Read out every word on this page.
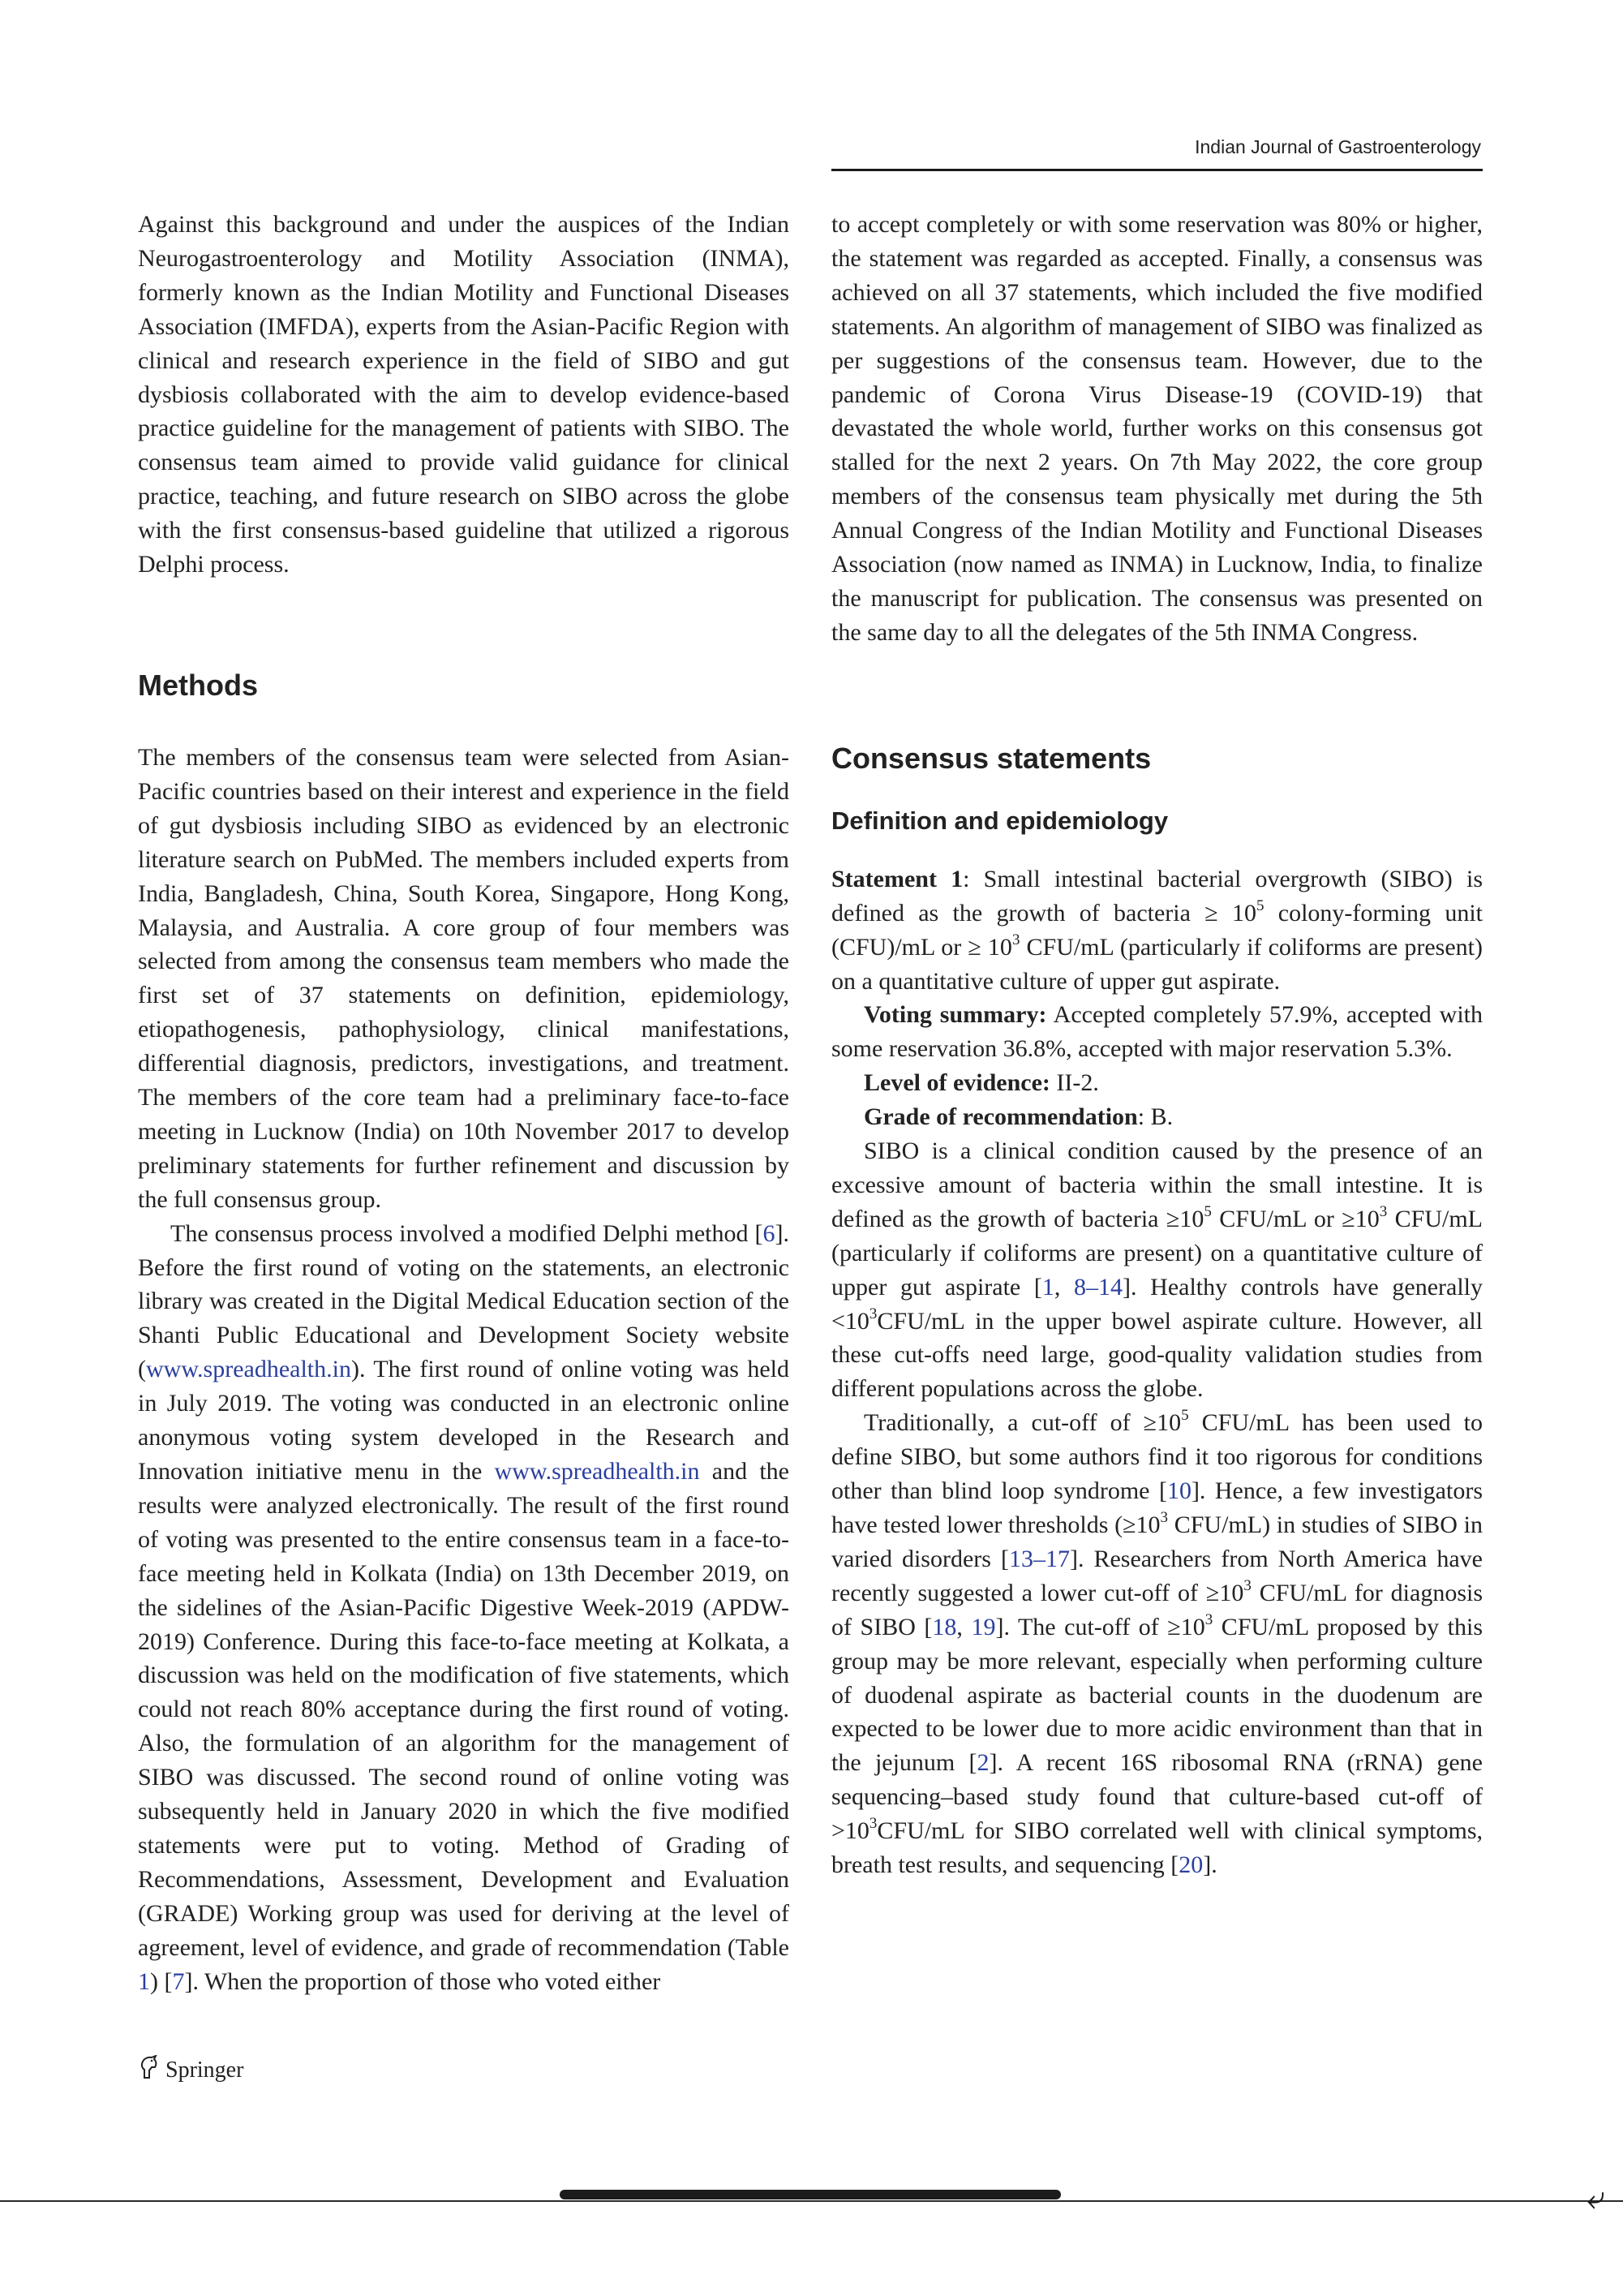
Indian Journal of Gastroenterology

Against this background and under the auspices of the Indian Neurogastroenterology and Motility Association (INMA), formerly known as the Indian Motility and Functional Diseases Association (IMFDA), experts from the Asian-Pacific Region with clinical and research experience in the field of SIBO and gut dysbiosis collaborated with the aim to develop evidence-based practice guideline for the management of patients with SIBO. The consensus team aimed to provide valid guidance for clinical practice, teaching, and future research on SIBO across the globe with the first consensus-based guideline that utilized a rigorous Delphi process.

Methods

The members of the consensus team were selected from Asian-Pacific countries based on their interest and experience in the field of gut dysbiosis including SIBO as evidenced by an electronic literature search on PubMed. The members included experts from India, Bangladesh, China, South Korea, Singapore, Hong Kong, Malaysia, and Australia. A core group of four members was selected from among the consensus team members who made the first set of 37 statements on definition, epidemiology, etiopathogenesis, pathophysiology, clinical manifestations, differential diagnosis, predictors, investigations, and treatment. The members of the core team had a preliminary face-to-face meeting in Lucknow (India) on 10th November 2017 to develop preliminary statements for further refinement and discussion by the full consensus group.

The consensus process involved a modified Delphi method [6]. Before the first round of voting on the statements, an electronic library was created in the Digital Medical Education section of the Shanti Public Educational and Development Society website (www.spreadhealth.in). The first round of online voting was held in July 2019. The voting was conducted in an electronic online anonymous voting system developed in the Research and Innovation initiative menu in the www.spreadhealth.in and the results were analyzed electronically. The result of the first round of voting was presented to the entire consensus team in a face-to-face meeting held in Kolkata (India) on 13th December 2019, on the sidelines of the Asian-Pacific Digestive Week-2019 (APDW-2019) Conference. During this face-to-face meeting at Kolkata, a discussion was held on the modification of five statements, which could not reach 80% acceptance during the first round of voting. Also, the formulation of an algorithm for the management of SIBO was discussed. The second round of online voting was subsequently held in January 2020 in which the five modified statements were put to voting. Method of Grading of Recommendations, Assessment, Development and Evaluation (GRADE) Working group was used for deriving at the level of agreement, level of evidence, and grade of recommendation (Table 1) [7]. When the proportion of those who voted either

to accept completely or with some reservation was 80% or higher, the statement was regarded as accepted. Finally, a consensus was achieved on all 37 statements, which included the five modified statements. An algorithm of management of SIBO was finalized as per suggestions of the consensus team. However, due to the pandemic of Corona Virus Disease-19 (COVID-19) that devastated the whole world, further works on this consensus got stalled for the next 2 years. On 7th May 2022, the core group members of the consensus team physically met during the 5th Annual Congress of the Indian Motility and Functional Diseases Association (now named as INMA) in Lucknow, India, to finalize the manuscript for publication. The consensus was presented on the same day to all the delegates of the 5th INMA Congress.

Consensus statements
Definition and epidemiology

Statement 1: Small intestinal bacterial overgrowth (SIBO) is defined as the growth of bacteria ≥ $10^5$ colony-forming unit (CFU)/mL or ≥ $10^3$ CFU/mL (particularly if coliforms are present) on a quantitative culture of upper gut aspirate.

Voting summary: Accepted completely 57.9%, accepted with some reservation 36.8%, accepted with major reservation 5.3%.

Level of evidence: II-2.

Grade of recommendation: B.

SIBO is a clinical condition caused by the presence of an excessive amount of bacteria within the small intestine. It is defined as the growth of bacteria $\ge 10^5$ CFU/mL or $\ge 10^3$ CFU/mL (particularly if coliforms are present) on a quantitative culture of upper gut aspirate [1, 8–14]. Healthy controls have generally $<10^3CFU/mL$ in the upper bowel aspirate culture. However, all these cut-offs need large, good-quality validation studies from different populations across the globe.

Traditionally, a cut-off of $\ge 10^5$ CFU/mL has been used to define SIBO, but some authors find it too rigorous for conditions other than blind loop syndrome [10]. Hence, a few investigators have tested lower thresholds ($\ge 10^3$ CFU/mL) in studies of SIBO in varied disorders [13–17]. Researchers from North America have recently suggested a lower cut-off of $\ge 10^3$ CFU/mL for diagnosis of SIBO [18, 19]. The cut-off of $\ge 10^3$ CFU/mL proposed by this group may be more relevant, especially when performing culture of duodenal aspirate as bacterial counts in the duodenum are expected to be lower due to more acidic environment than that in the jejunum [2]. A recent 16S ribosomal RNA (rRNA) gene sequencing–based study found that culture-based cut-off of $>10^3CFU/mL$ for SIBO correlated well with clinical symptoms, breath test results, and sequencing [20].

Springer
⤶
